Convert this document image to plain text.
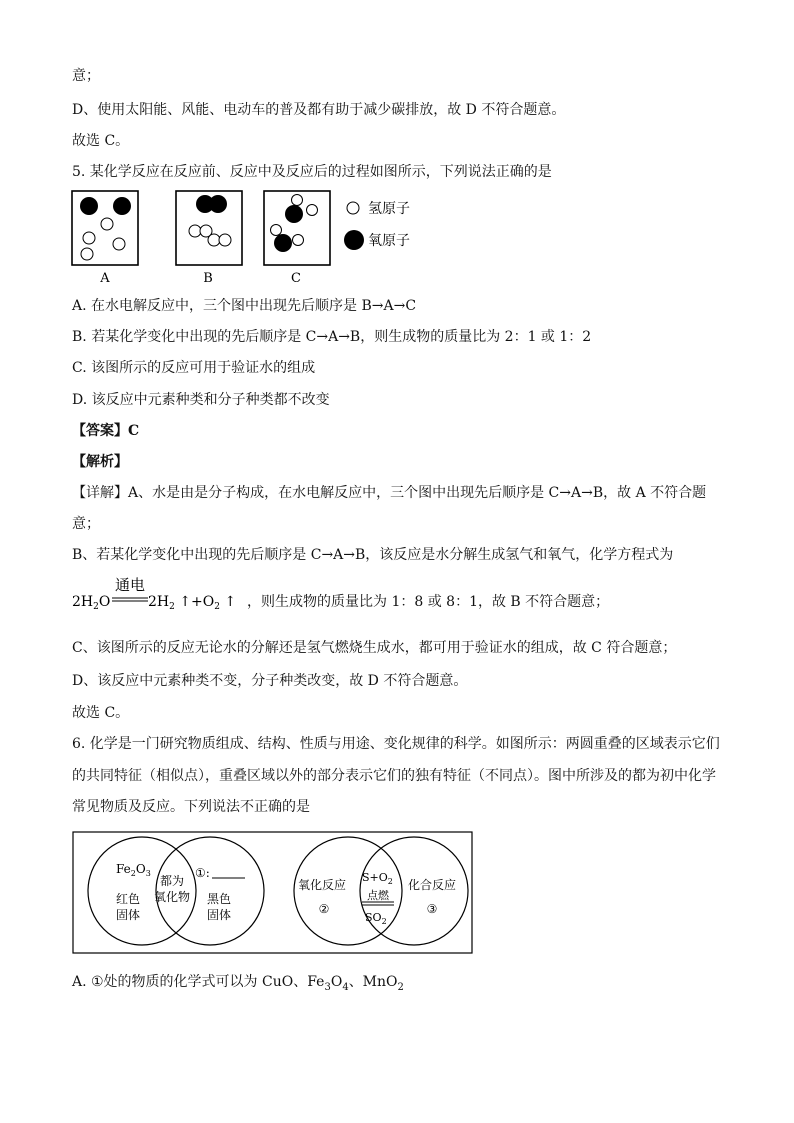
意；
D、使用太阳能、风能、电动车的普及都有助于减少碳排放，故 D 不符合题意。
故选 C。
5. 某化学反应在反应前、反应中及反应后的过程如图所示，下列说法正确的是
A	B	C
氢原子
氧原子
A. 在水电解反应中，三个图中出现先后顺序是 B→A→C
B. 若某化学变化中出现的先后顺序是 C→A→B，则生成物的质量比为 2：1 或 1：2
C. 该图所示的反应可用于验证水的组成
D. 该反应中元素种类和分子种类都不改变
【答案】C
【解析】
【详解】A、水是由是分子构成，在水电解反应中，三个图中出现先后顺序是 C→A→B，故 A 不符合题
意；
B、若某化学变化中出现的先后顺序是 C→A→B，该反应是水分解生成氢气和氧气，化学方程式为
$2H_2O$
通电
$2H_2$ $↑+O_2$ ↑ ，则生成物的质量比为 1：8 或 8：1，故 B 不符合题意；
C、该图所示的反应无论水的分解还是氢气燃烧生成水，都可用于验证水的组成，故 C 符合题意；
D、该反应中元素种类不变，分子种类改变，故 D 不符合题意。
故选 C。
6. 化学是一门研究物质组成、结构、性质与用途、变化规律的科学。如图所示：两圆重叠的区域表示它们
的共同特征（相似点），重叠区域以外的部分表示它们的独有特征（不同点）。图中所涉及的都为初中化学
常见物质及反应。下列说法不正确的是
$Fe_2O_3$
红色
固体
都为
氧化物
①:
黑色
固体
氧化反应
②
$S+O_2$
点燃
$SO_2$
化合反应
③
A. ①处的物质的化学式可以为 CuO、$Fe_3O_4$、MnO$_2$
